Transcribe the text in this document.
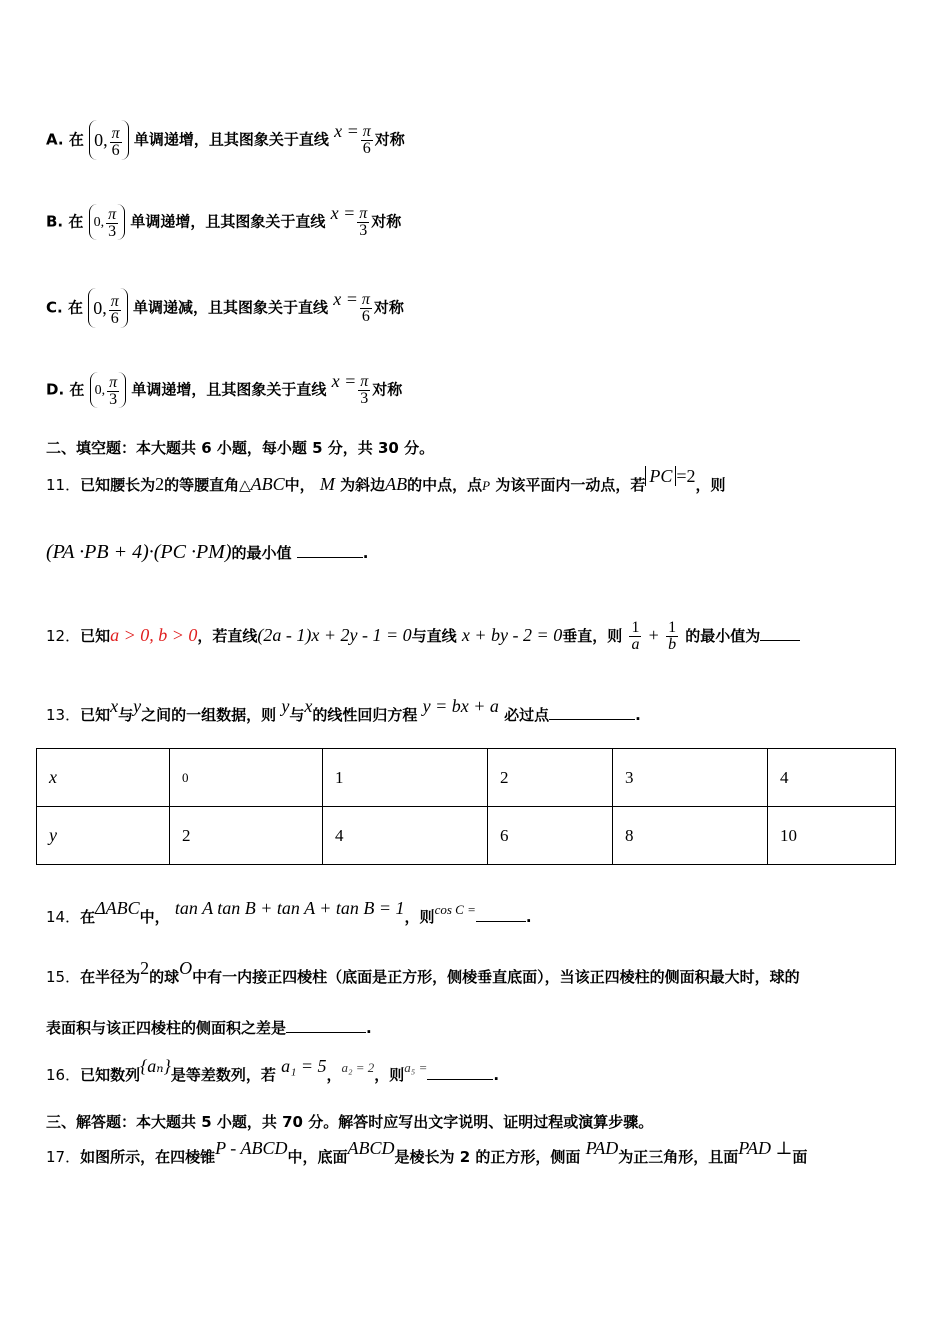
A. 在 0, $\frac{\pi}{6}$ 单调递增，且其图象关于直线 $x = \frac{\pi}{6}$ 对称
B. 在 0, $\frac{\pi}{3}$ 单调递增，且其图象关于直线 $x = \frac{\pi}{3}$ 对称
C. 在 0, $\frac{\pi}{6}$ 单调递减，且其图象关于直线 $x = \frac{\pi}{6}$ 对称
D. 在 0, $\frac{\pi}{3}$ 单调递增，且其图象关于直线 $x = \frac{\pi}{3}$ 对称
二、填空题：本大题共 6 小题，每小题 5 分，共 30 分。
11．已知腰长为2的等腰直角△ABC中， M 为斜边AB的中点，点P 为该平面内一动点，若 PC =2，则
(PA ·PB + 4)·(PC ·PM)的最小值	.
12．已知a > 0, b > 0，若直线(2a - 1)x + 2y - 1 = 0与直线 x + by - 2 = 0垂直，则 $\frac{1}{a} + \frac{1}{b}$ 的最小值为
13．已知x与y之间的一组数据，则 y与x的线性回归方程 y = bx + a 必过点	.
x	0	1	2	3	4
y	2	4	6	8	10
14．在ΔABC中， tan A tan B + tan A + tan B = 1，则cos C =	.
15．在半径为2的球O中有一内接正四棱柱（底面是正方形，侧棱垂直底面），当该正四棱柱的侧面积最大时，球的
表面积与该正四棱柱的侧面积之差是	.
16．已知数列{aₙ}是等差数列，若 a₁ = 5，a₂ = 2，则a₅ =	.
三、解答题：本大题共 5 小题，共 70 分。解答时应写出文字说明、证明过程或演算步骤。
17．如图所示，在四棱锥P - ABCD中，底面ABCD是棱长为 2 的正方形，侧面 PAD为正三角形，且面PAD ⊥面
